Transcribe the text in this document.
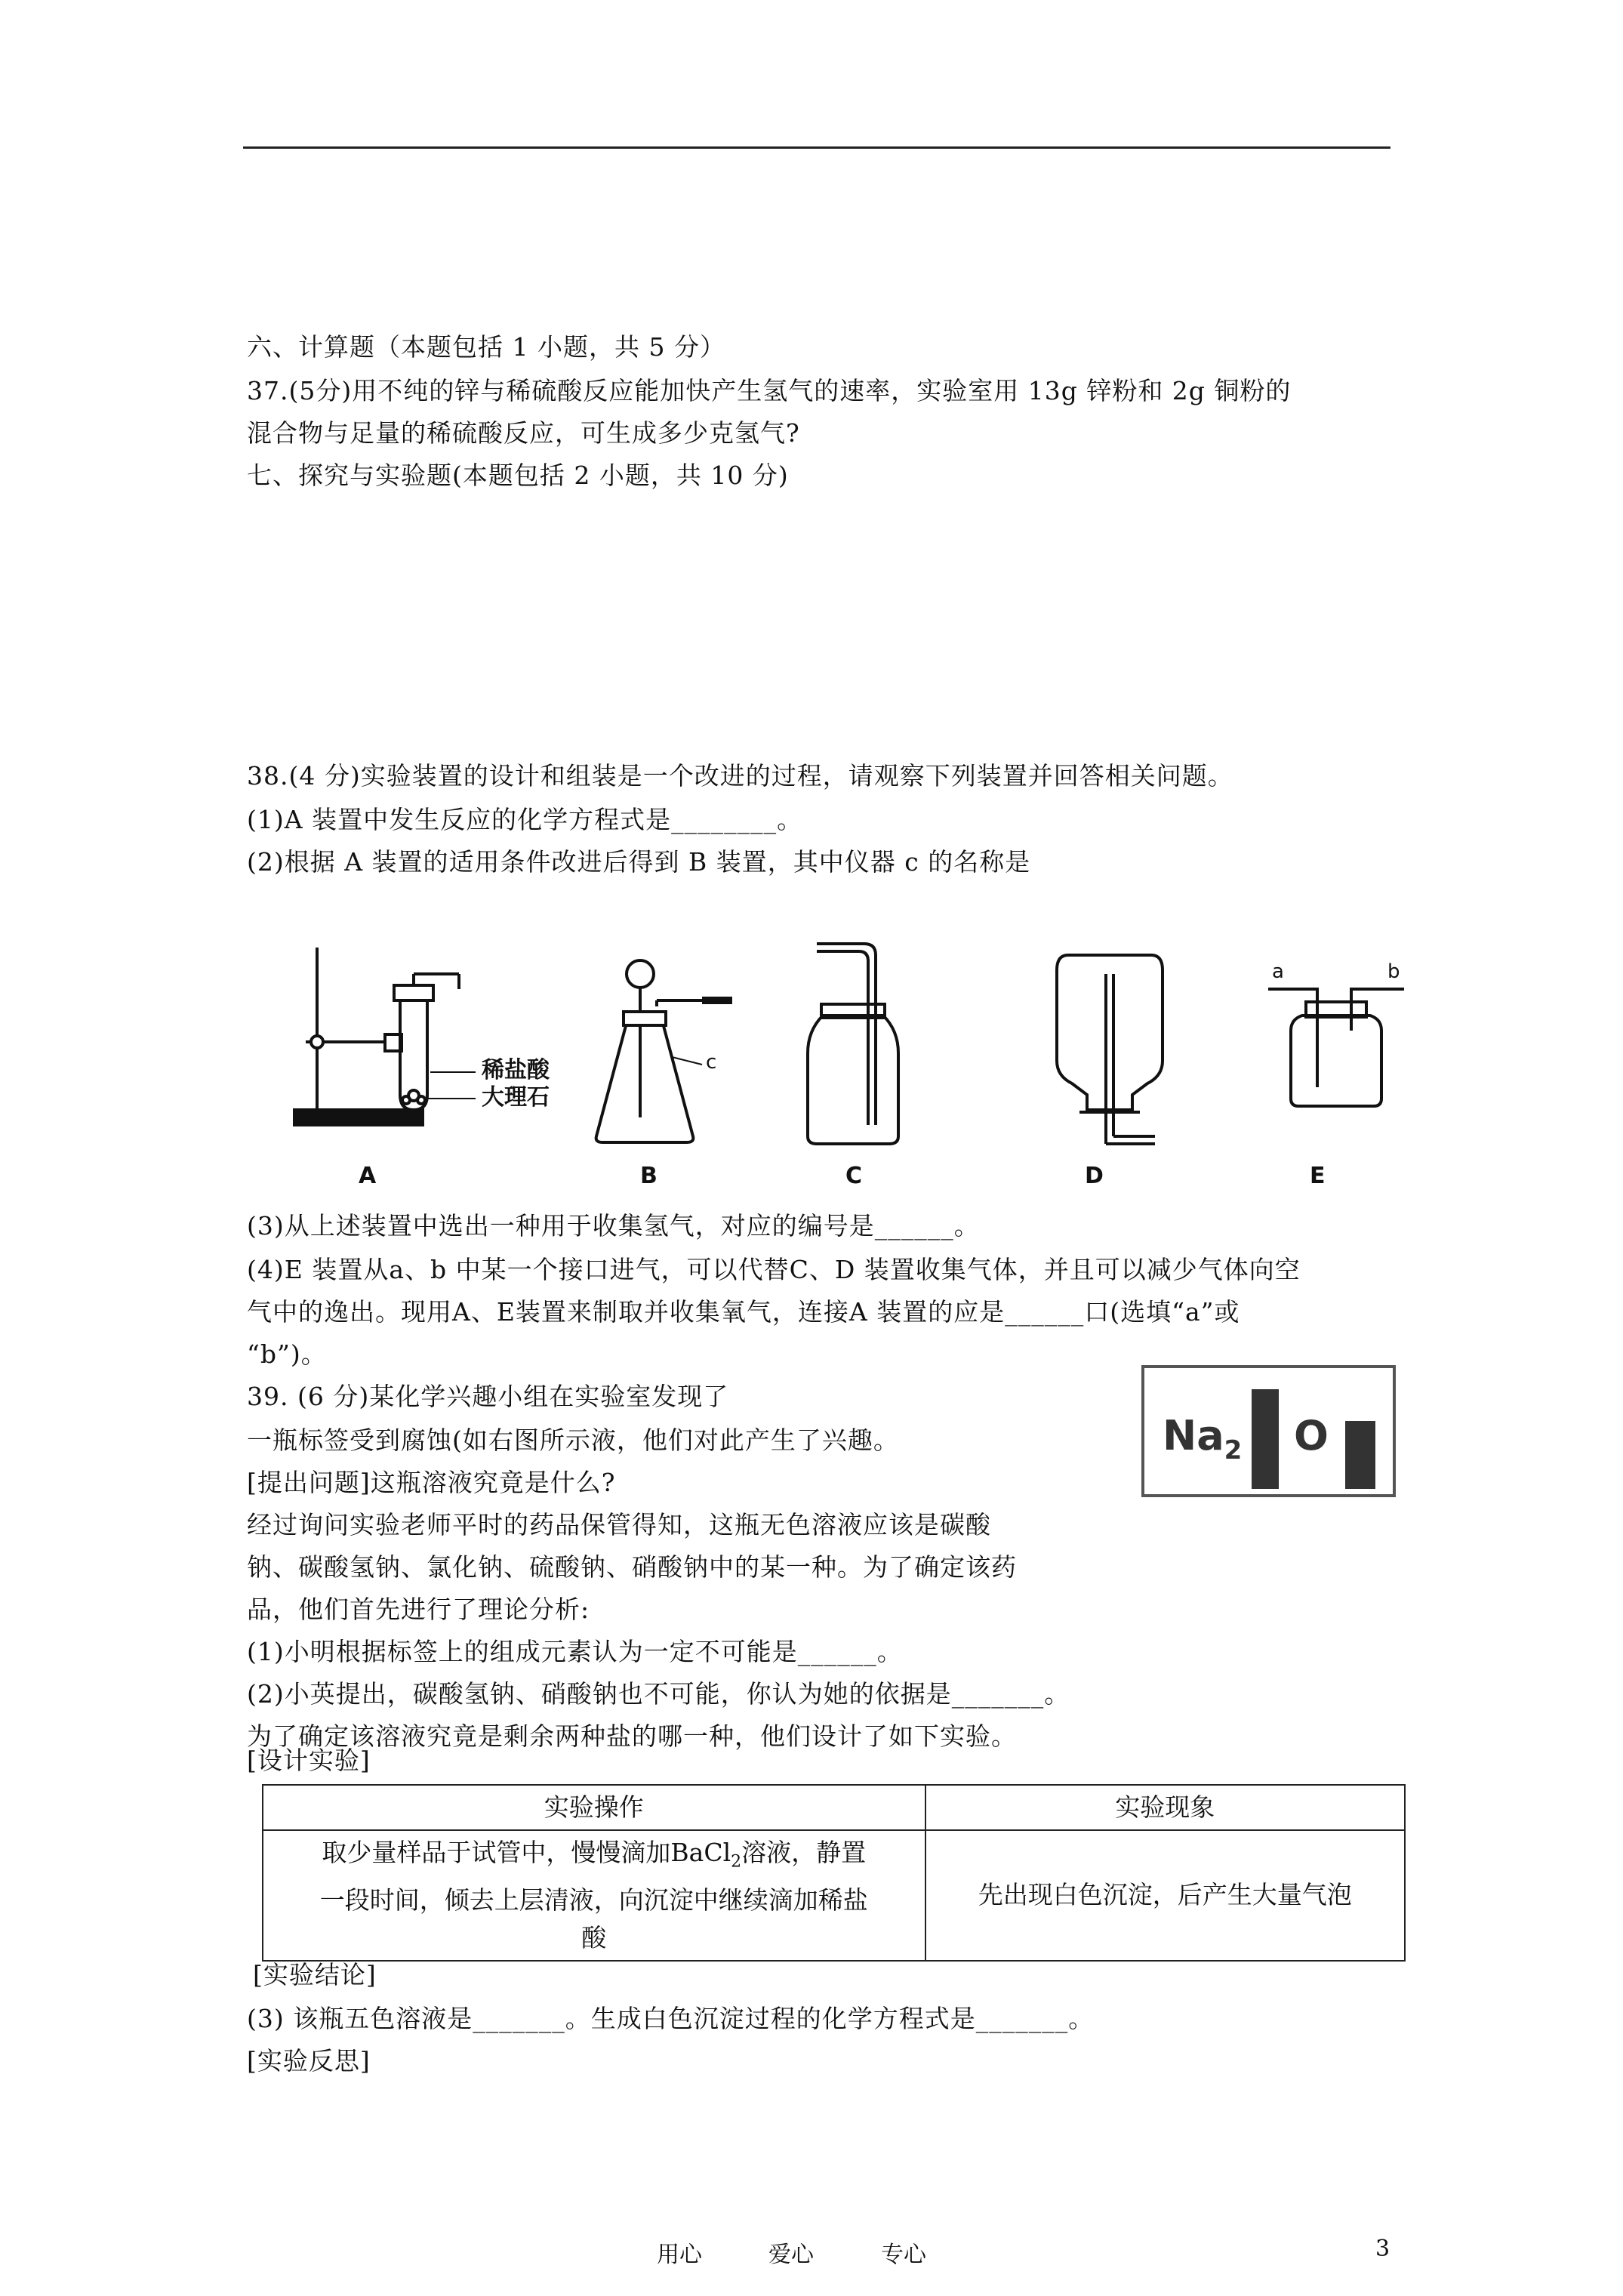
六、计算题（本题包括 1 小题，共 5 分）
37.(5分)用不纯的锌与稀硫酸反应能加快产生氢气的速率，实验室用 13g 锌粉和 2g 铜粉的
混合物与足量的稀硫酸反应，可生成多少克氢气?
七、探究与实验题(本题包括 2 小题，共 10 分)
38.(4 分)实验装置的设计和组装是一个改进的过程，请观察下列装置并回答相关问题。
(1)A 装置中发生反应的化学方程式是________。
(2)根据 A 装置的适用条件改进后得到 B 装置，其中仪器 c 的名称是
稀盐酸
大理石
c
a	b
A	B	C	D	E
(3)从上述装置中选出一种用于收集氢气，对应的编号是______。
(4)E 装置从a、b 中某一个接口进气，可以代替C、D 装置收集气体，并且可以减少气体向空
气中的逸出。现用A、E装置来制取并收集氧气，连接A 装置的应是______口(选填“a”或
“b”)。
39. (6 分)某化学兴趣小组在实验室发现了
一瓶标签受到腐蚀(如右图所示液，他们对此产生了兴趣。
[提出问题]这瓶溶液究竟是什么?
经过询问实验老师平时的药品保管得知，这瓶无色溶液应该是碳酸
钠、碳酸氢钠、氯化钠、硫酸钠、硝酸钠中的某一种。为了确定该药
品，他们首先进行了理论分析:
(1)小明根据标签上的组成元素认为一定不可能是______。
(2)小英提出，碳酸氢钠、硝酸钠也不可能，你认为她的依据是_______。
为了确定该溶液究竟是剩余两种盐的哪一种，他们设计了如下实验。
[设计实验]
$Na_2$ O
实验操作	实验现象

取少量样品于试管中，慢慢滴加BaCl$_2$溶液，静置
一段时间，倾去上层清液，向沉淀中继续滴加稀盐
酸	先出现白色沉淀，后产生大量气泡
[实验结论]
(3) 该瓶五色溶液是_______。生成白色沉淀过程的化学方程式是_______。
[实验反思]
用心	爱心	专心	3
